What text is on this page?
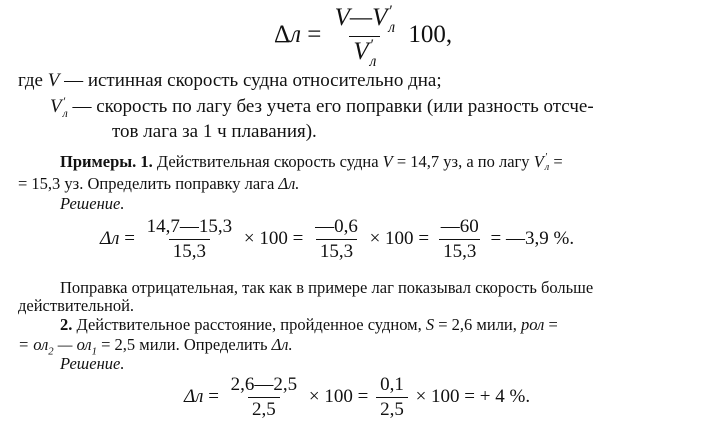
Δл = V—V ′
л
V ′
л 100,
где V — истинная скорость судна относительно дна;
V ′
л — скорость по лагу без учета его поправки (или разность отсче-
тов лага за 1 ч плавания).
Примеры. 1. Действительная скорость судна V = 14,7 уз, а по лагу V ′
л =
= 15,3 уз. Определить поправку лага Δл.
Решение.
$\Delta л = \frac{14,7—15,3}{15,3} \times 100 = \frac{—0,6}{15,3} \times 100 = \frac{—60}{15,3}$ = —3,9 %.
Поправка отрицательная, так как в примере лаг показывал скорость больше
действительной.
2. Действительное расстояние, пройденное судном, S = 2,6 мили, рол =
= $ол_2$ — $ол_1 = 2,5$ мили. Определить Δл.
Решение.
$\Delta л = \frac{2,6—2,5}{2,5} \times 100 = \frac{0,1}{2,5} \times 100$ = + 4 %.
